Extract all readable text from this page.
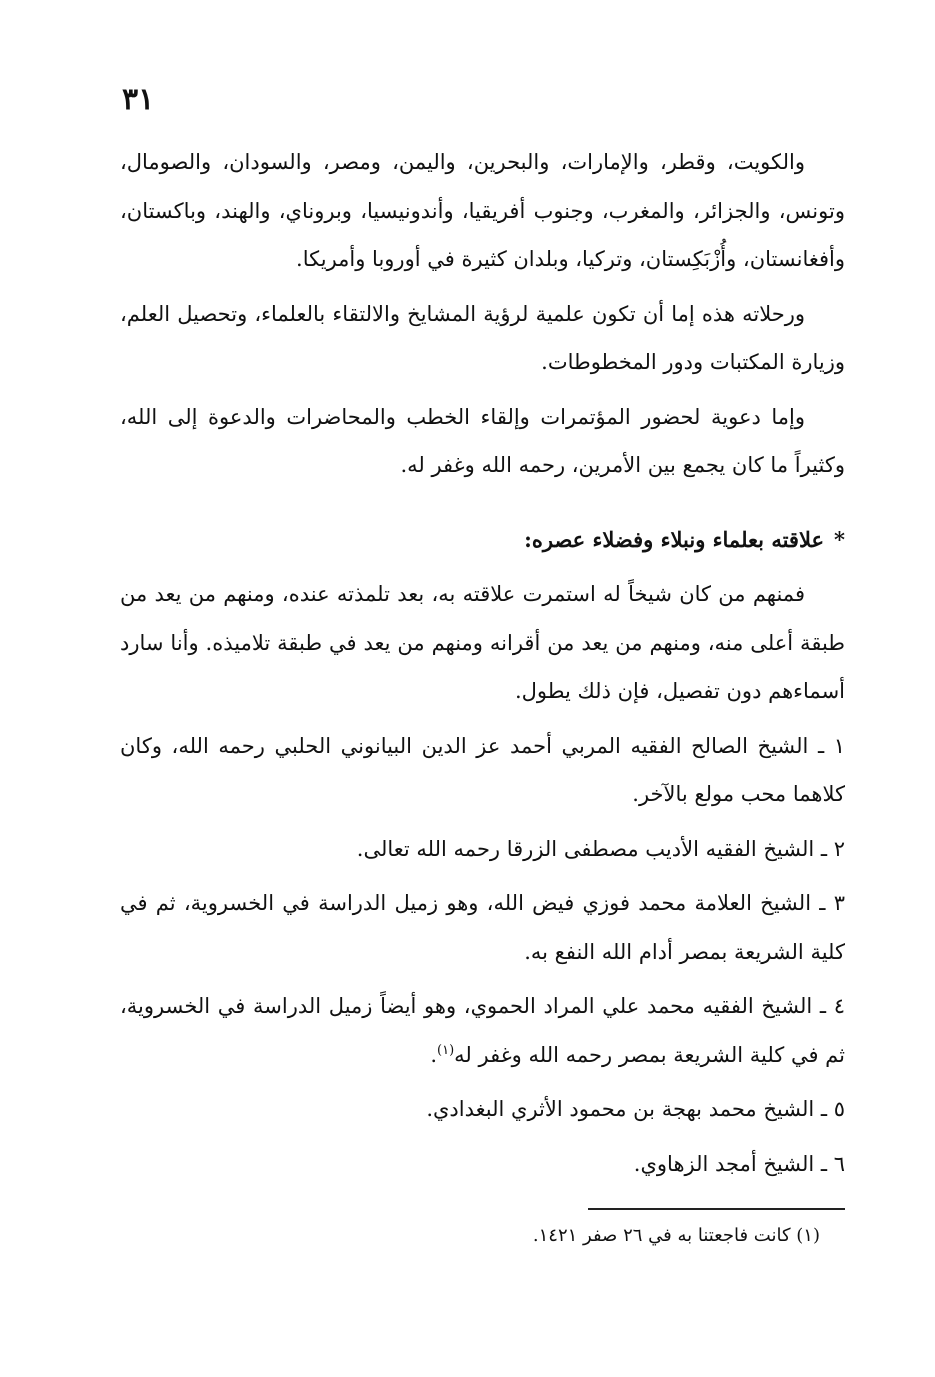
٣١

والكويت، وقطر، والإمارات، والبحرين، واليمن، ومصر، والسودان، والصومال، وتونس، والجزائر، والمغرب، وجنوب أفريقيا، وأندونيسيا، وبروناي، والهند، وباكستان، وأفغانستان، وأُزْبَكِستان، وتركيا، وبلدان كثيرة في أوروبا وأمريكا.

ورحلاته هذه إما أن تكون علمية لرؤية المشايخ والالتقاء بالعلماء، وتحصيل العلم، وزيارة المكتبات ودور المخطوطات.

وإما دعوية لحضور المؤتمرات وإلقاء الخطب والمحاضرات والدعوة إلى الله، وكثيراً ما كان يجمع بين الأمرين، رحمه الله وغفر له.

*علاقته بعلماء ونبلاء وفضلاء عصره:

فمنهم من كان شيخاً له استمرت علاقته به، بعد تلمذته عنده، ومنهم من يعد من طبقة أعلى منه، ومنهم من يعد من أقرانه ومنهم من يعد في طبقة تلاميذه. وأنا سارد أسماءهم دون تفصيل، فإن ذلك يطول.

١ ـ الشيخ الصالح الفقيه المربي أحمد عز الدين البيانوني الحلبي رحمه الله، وكان كلاهما محب مولع بالآخر.

٢ ـ الشيخ الفقيه الأديب مصطفى الزرقا رحمه الله تعالى.

٣ ـ الشيخ العلامة محمد فوزي فيض الله، وهو زميل الدراسة في الخسروية، ثم في كلية الشريعة بمصر أدام الله النفع به.

٤ ـ الشيخ الفقيه محمد علي المراد الحموي، وهو أيضاً زميل الدراسة في الخسروية، ثم في كلية الشريعة بمصر رحمه الله وغفر له$^{(١)}$.

٥ ـ الشيخ محمد بهجة بن محمود الأثري البغدادي.

٦ ـ الشيخ أمجد الزهاوي.

(١) كانت فاجعتنا به في ٢٦ صفر ١٤٢١.
